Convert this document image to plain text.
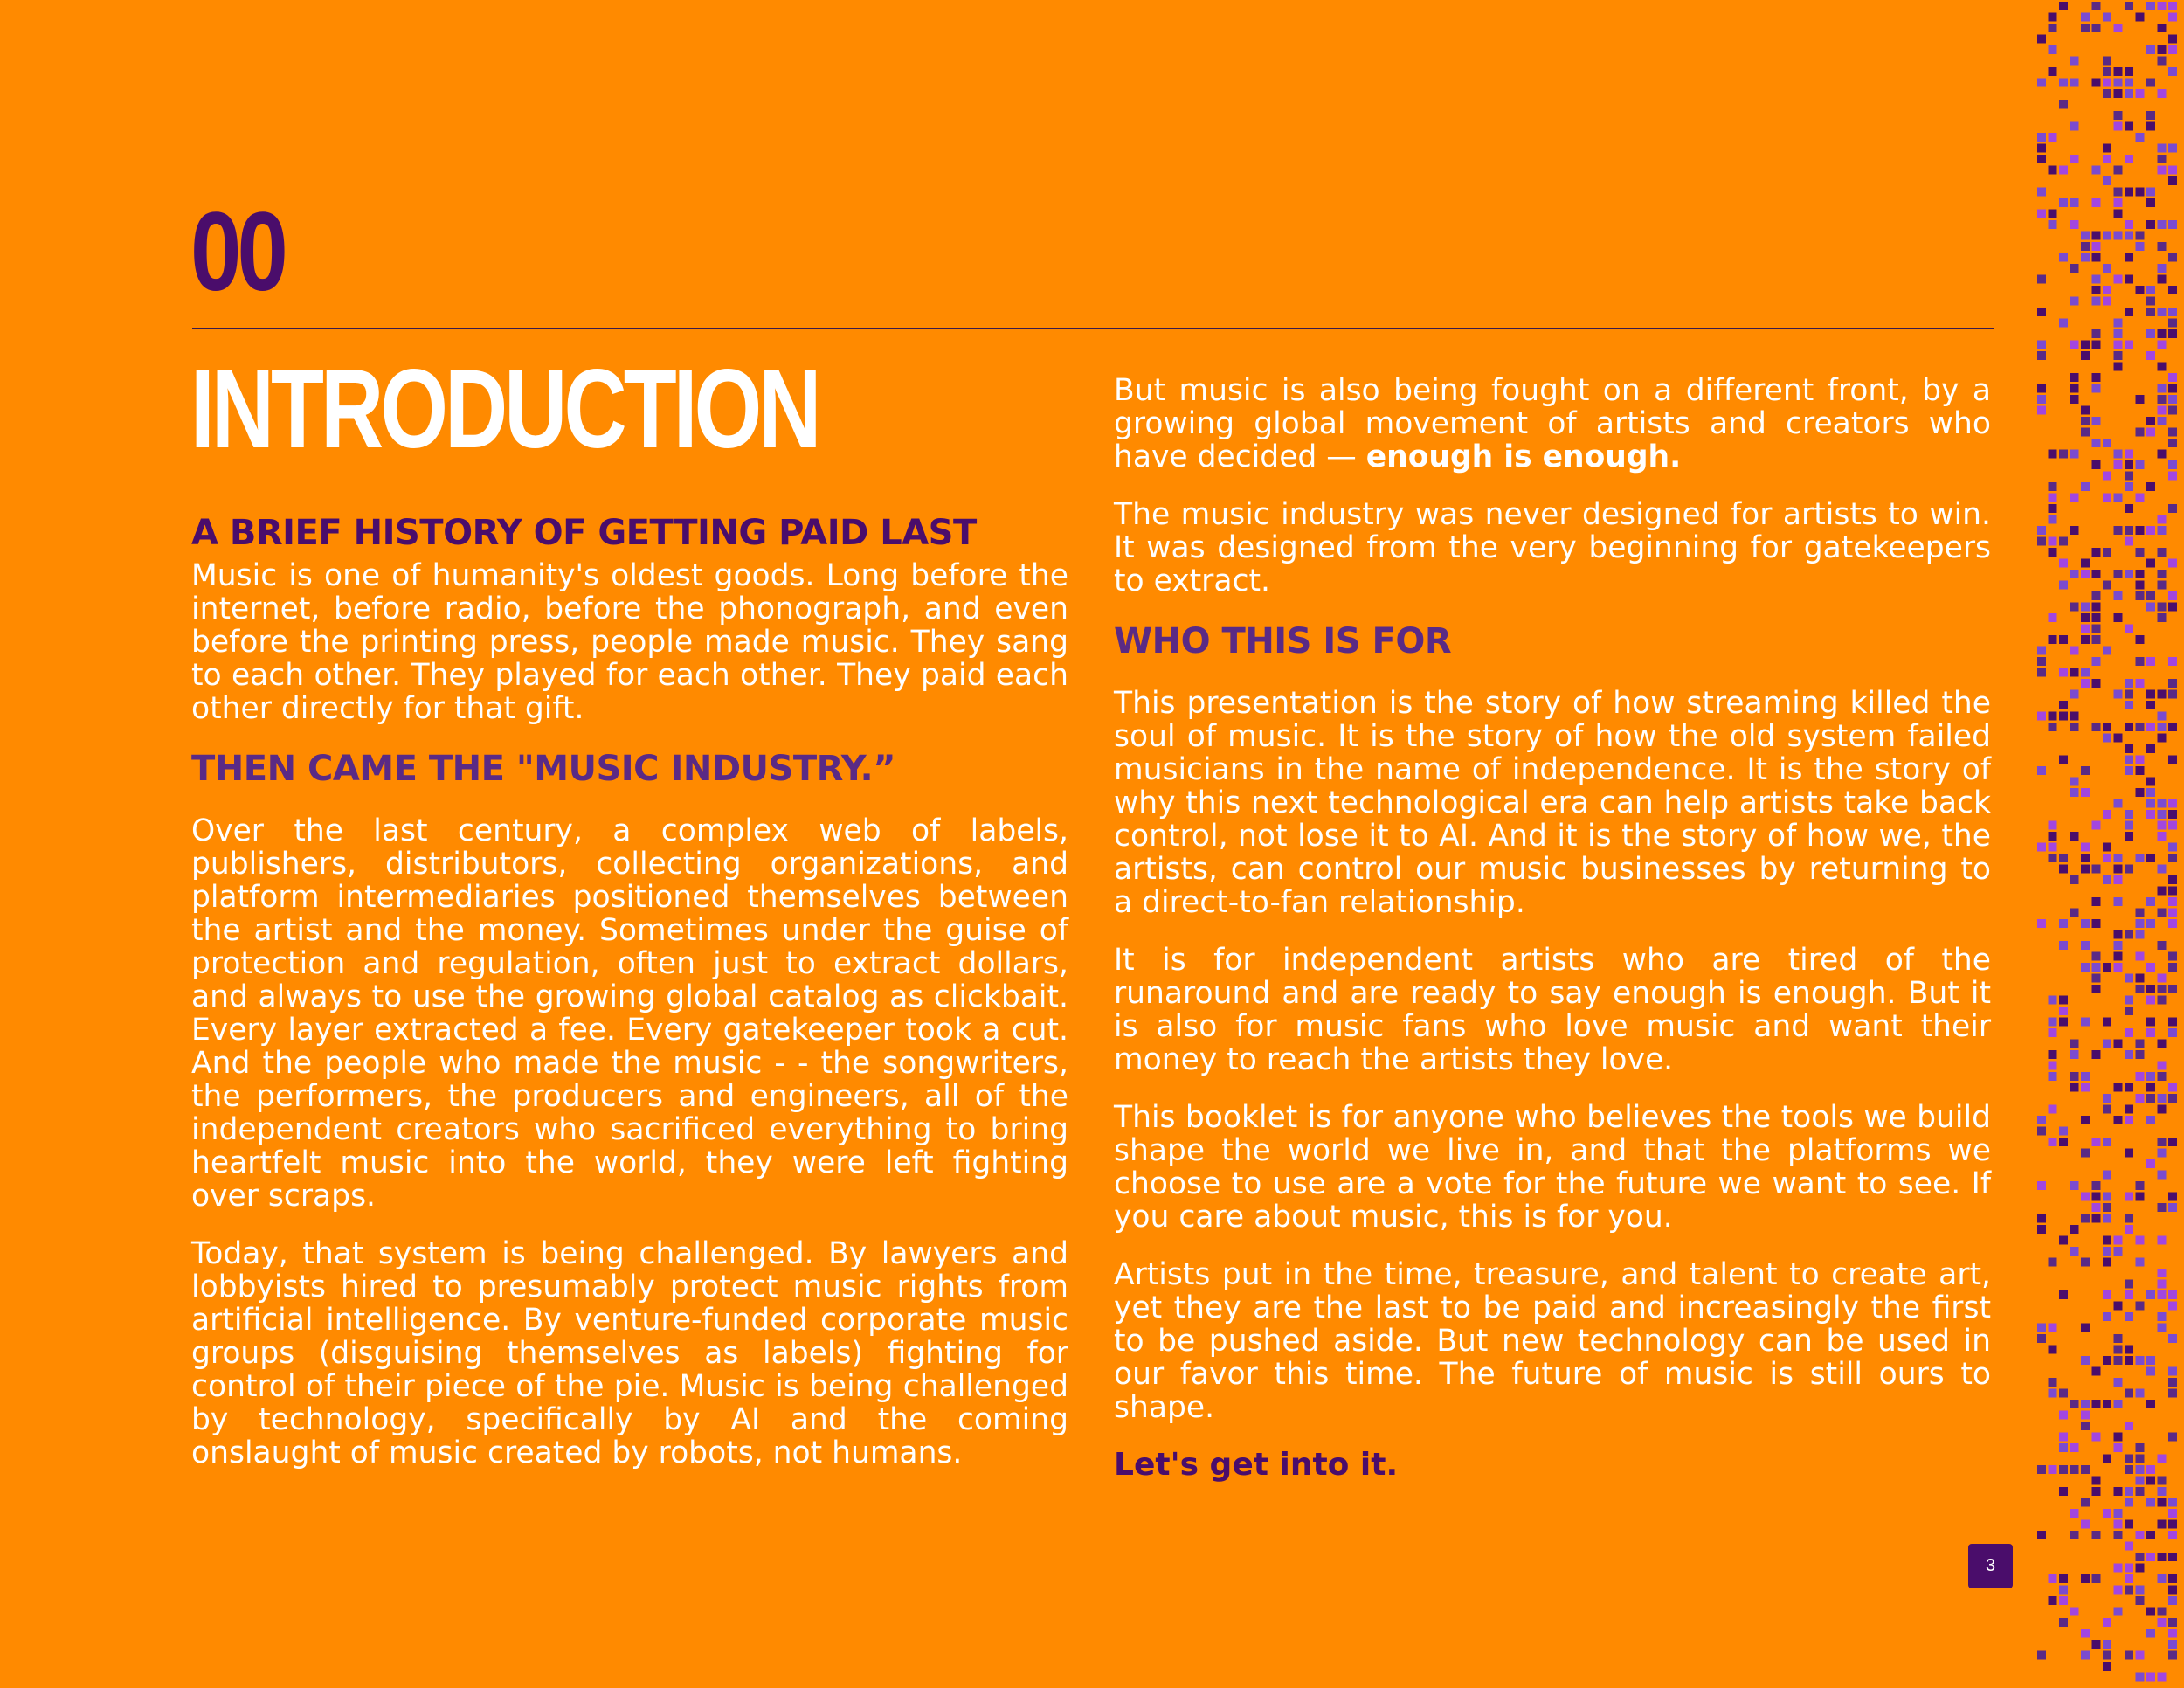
00
INTRODUCTION
A BRIEF HISTORY OF GETTING PAID LAST

Music is one of humanity's oldest goods. Long before the internet, before radio, before the phonograph, and even before the printing press, people made music. They sang to each other. They played for each other. They paid each other directly for that gift.

THEN CAME THE "MUSIC INDUSTRY.”

Over the last century, a complex web of labels, publishers, distributors, collecting organizations, and platform intermediaries positioned themselves between the artist and the money. Sometimes under the guise of protection and regulation, often just to extract dollars, and always to use the growing global catalog as clickbait. Every layer extracted a fee. Every gatekeeper took a cut. And the people who made the music - - the songwriters, the performers, the producers and engineers, all of the independent creators who sacrificed everything to bring heartfelt music into the world, they were left fighting over scraps.

Today, that system is being challenged. By lawyers and lobbyists hired to presumably protect music rights from artificial intelligence. By venture-funded corporate music groups (disguising themselves as labels) fighting for control of their piece of the pie. Music is being challenged by technology, specifically by AI and the coming onslaught of music created by robots, not humans.

But music is also being fought on a different front, by a growing global movement of artists and creators who have decided — enough is enough.

The music industry was never designed for artists to win. It was designed from the very beginning for gatekeepers to extract.

WHO THIS IS FOR

This presentation is the story of how streaming killed the soul of music. It is the story of how the old system failed musicians in the name of independence. It is the story of why this next technological era can help artists take back control, not lose it to AI. And it is the story of how we, the artists, can control our music businesses by returning to a direct-to-fan relationship.

It is for independent artists who are tired of the runaround and are ready to say enough is enough. But it is also for music fans who love music and want their money to reach the artists they love.

This booklet is for anyone who believes the tools we build shape the world we live in, and that the platforms we choose to use are a vote for the future we want to see. If you care about music, this is for you.

Artists put in the time, treasure, and talent to create art, yet they are the last to be paid and increasingly the first to be pushed aside. But new technology can be used in our favor this time. The future of music is still ours to shape.

Let's get into it.

3
